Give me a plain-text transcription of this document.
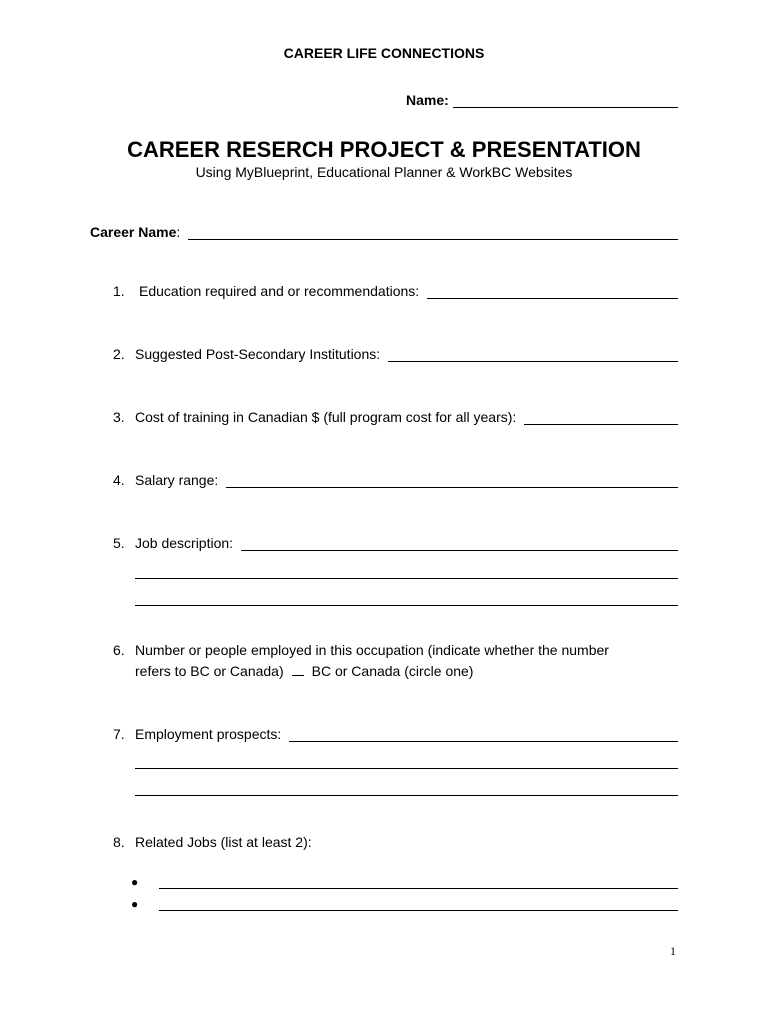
CAREER LIFE CONNECTIONS
Name:
CAREER RESERCH PROJECT & PRESENTATION
Using MyBlueprint, Educational Planner & WorkBC Websites
Career Name :
1.	Education required and or recommendations:
2. Suggested Post-Secondary Institutions:
3. Cost of training in Canadian $ (full program cost for all years):
4. Salary range:
5. Job description:
6. Number or people employed in this occupation (indicate whether the number
refers to BC or Canada) BC or Canada (circle one)
7. Employment prospects:
8. Related Jobs (list at least 2):
●
●
1
